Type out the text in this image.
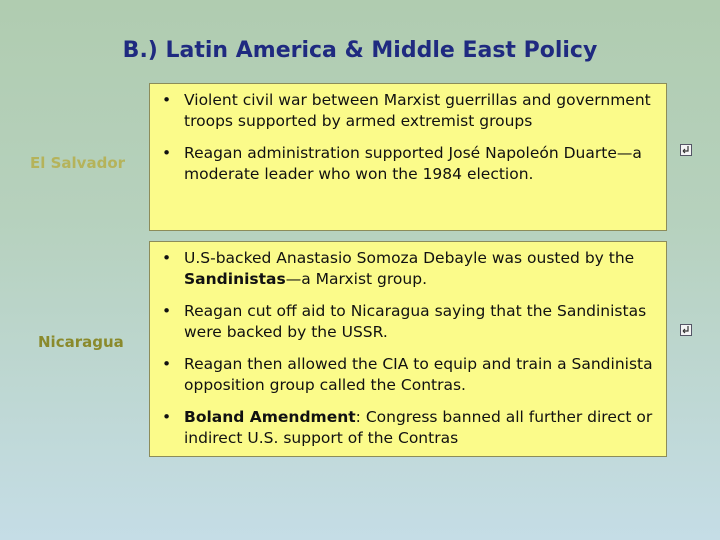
B.) Latin America & Middle East Policy
El Salvador
• Violent civil war between Marxist guerrillas and government troops supported by armed extremist groups
• Reagan administration supported José Napoleón Duarte—a moderate leader who won the 1984 election.
Nicaragua
• U.S-backed Anastasio Somoza Debayle was ousted by the Sandinistas—a Marxist group.
• Reagan cut off aid to Nicaragua saying that the Sandinistas were backed by the USSR.
• Reagan then allowed the CIA to equip and train a Sandinista opposition group called the Contras.
• Boland Amendment: Congress banned all further direct or indirect U.S. support of the Contras
